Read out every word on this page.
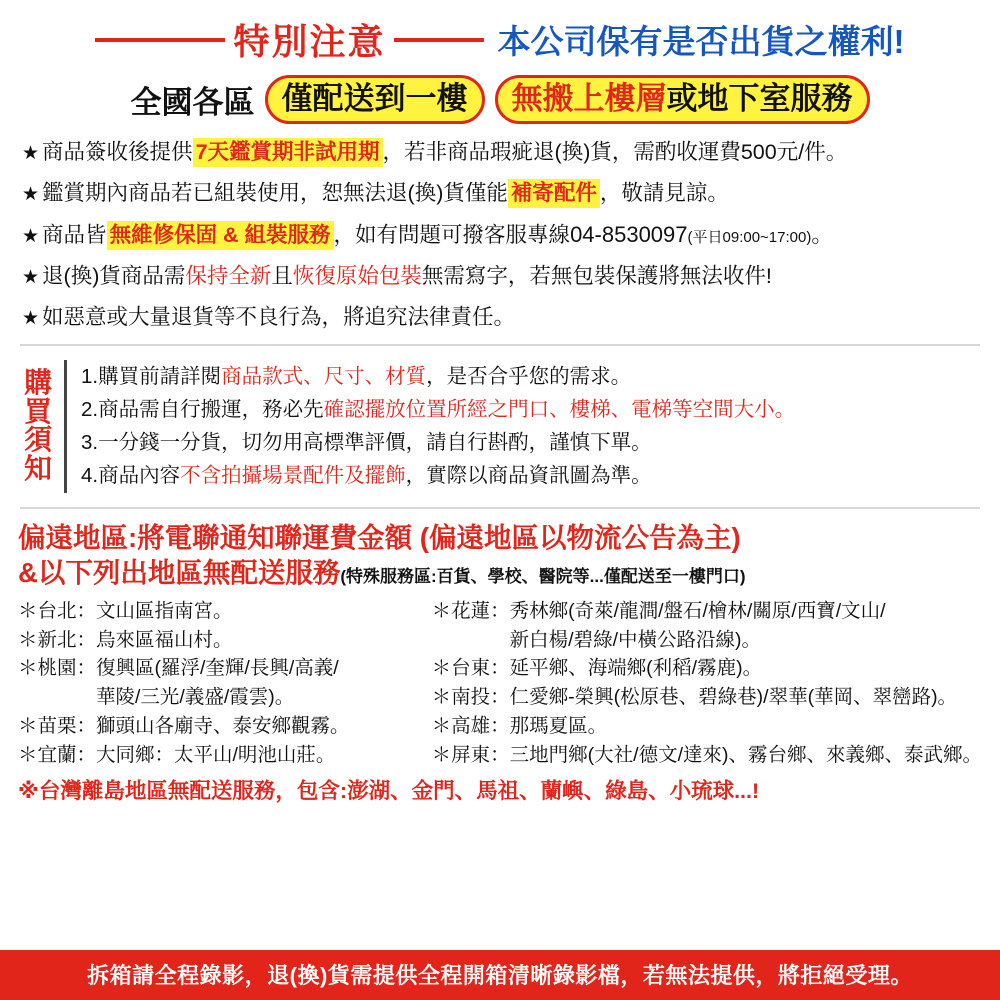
特別注意	本公司保有是否出貨之權利!
全國各區 僅配送到一樓	無搬上樓層或地下室服務
★ 商品簽收後提供 7天鑑賞期非試用期 ，若非商品瑕疵退(換)貨，需酌收運費500元/件。
★ 鑑賞期內商品若已組裝使用，恕無法退(換)貨僅能 補寄配件 ，敬請見諒。
★ 商品皆 無維修保固 & 組裝服務 ，如有問題可撥客服專線 04-8530097 (平日09:00~17:00) 。
★ 退(換)貨商品需 保持全新 且 恢復原始包裝 無需寫字，若無包裝保護將無法收件!
★ 如惡意或大量退貨等不良行為，將追究法律責任。
購
買
須
知
1.購買前請詳閱商品款式、尺寸、材質，是否合乎您的需求。
2.商品需自行搬運，務必先確認擺放位置所經之門口、樓梯、電梯等空間大小。
3.一分錢一分貨，切勿用高標準評價，請自行斟酌，謹慎下單。
4.商品內容不含拍攝場景配件及擺飾，實際以商品資訊圖為準。
偏遠地區:將電聯通知聯運費金額 (偏遠地區以物流公告為主)
&以下列出地區無配送服務(特殊服務區:百貨、學校、醫院等...僅配送至一樓門口)
＊台北：文山區指南宮。
＊新北：烏來區福山村。
＊桃園：復興區(羅浮/奎輝/長興/高義/
　　　　華陵/三光/義盛/霞雲)。
＊苗栗：獅頭山各廟寺、泰安鄉觀霧。
＊宜蘭：大同鄉：太平山/明池山莊。
＊花蓮：秀林鄉(奇萊/龍澗/盤石/檜林/關原/西寶/文山/
　　　　新白楊/碧綠/中橫公路沿線)。
＊台東：延平鄉、海端鄉(利稻/霧鹿)。
＊南投：仁愛鄉-榮興(松原巷、碧綠巷)/翠華(華岡、翠巒路)。
＊高雄：那瑪夏區。
＊屏東：三地門鄉(大社/德文/達來)、霧台鄉、來義鄉、泰武鄉。
※台灣離島地區無配送服務，包含:澎湖、金門、馬祖、蘭嶼、綠島、小琉球...!
拆箱請全程錄影，退(換)貨需提供全程開箱清晰錄影檔，若無法提供，將拒絕受理。
